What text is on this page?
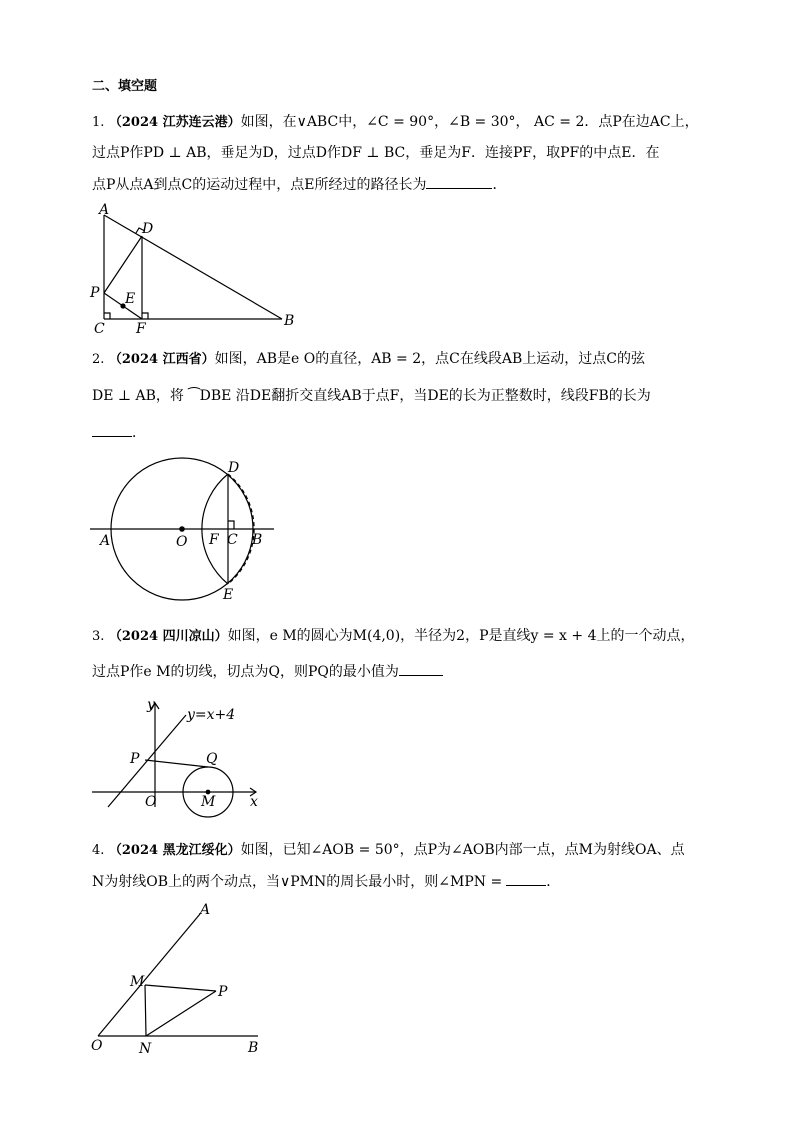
二、填空题
1. （2024 江苏连云港）如图，在∨ABC中，∠C = 90°，∠B = 30°， AC = 2．点P在边AC上，
过点P作PD ⊥ AB，垂足为D，过点D作DF ⊥ BC，垂足为F．连接PF，取PF的中点E．在
点P从点A到点C的运动过程中，点E所经过的路径长为	．
A
D
P E
C F	B
2. （2024 江西省）如图，AB是e O的直径，AB = 2，点C在线段AB上运动，过点C的弦
DE ⊥ AB，将 ⁀DBE 沿DE翻折交直线AB于点F，当DE的长为正整数时，线段FB的长为
．
D
A	O F C B
E
3. （2024 四川凉山）如图，e M的圆心为M(4,0)，半径为2，P是直线y = x + 4上的一个动点，
过点P作e M的切线，切点为Q，则PQ的最小值为
y
y=x+4
P	Q
O	M x
4. （2024 黑龙江绥化）如图，已知∠AOB = 50°，点P为∠AOB内部一点，点M为射线OA、点
N为射线OB上的两个动点，当∨PMN的周长最小时，则∠MPN =	．
A
M
P
O	N	B
